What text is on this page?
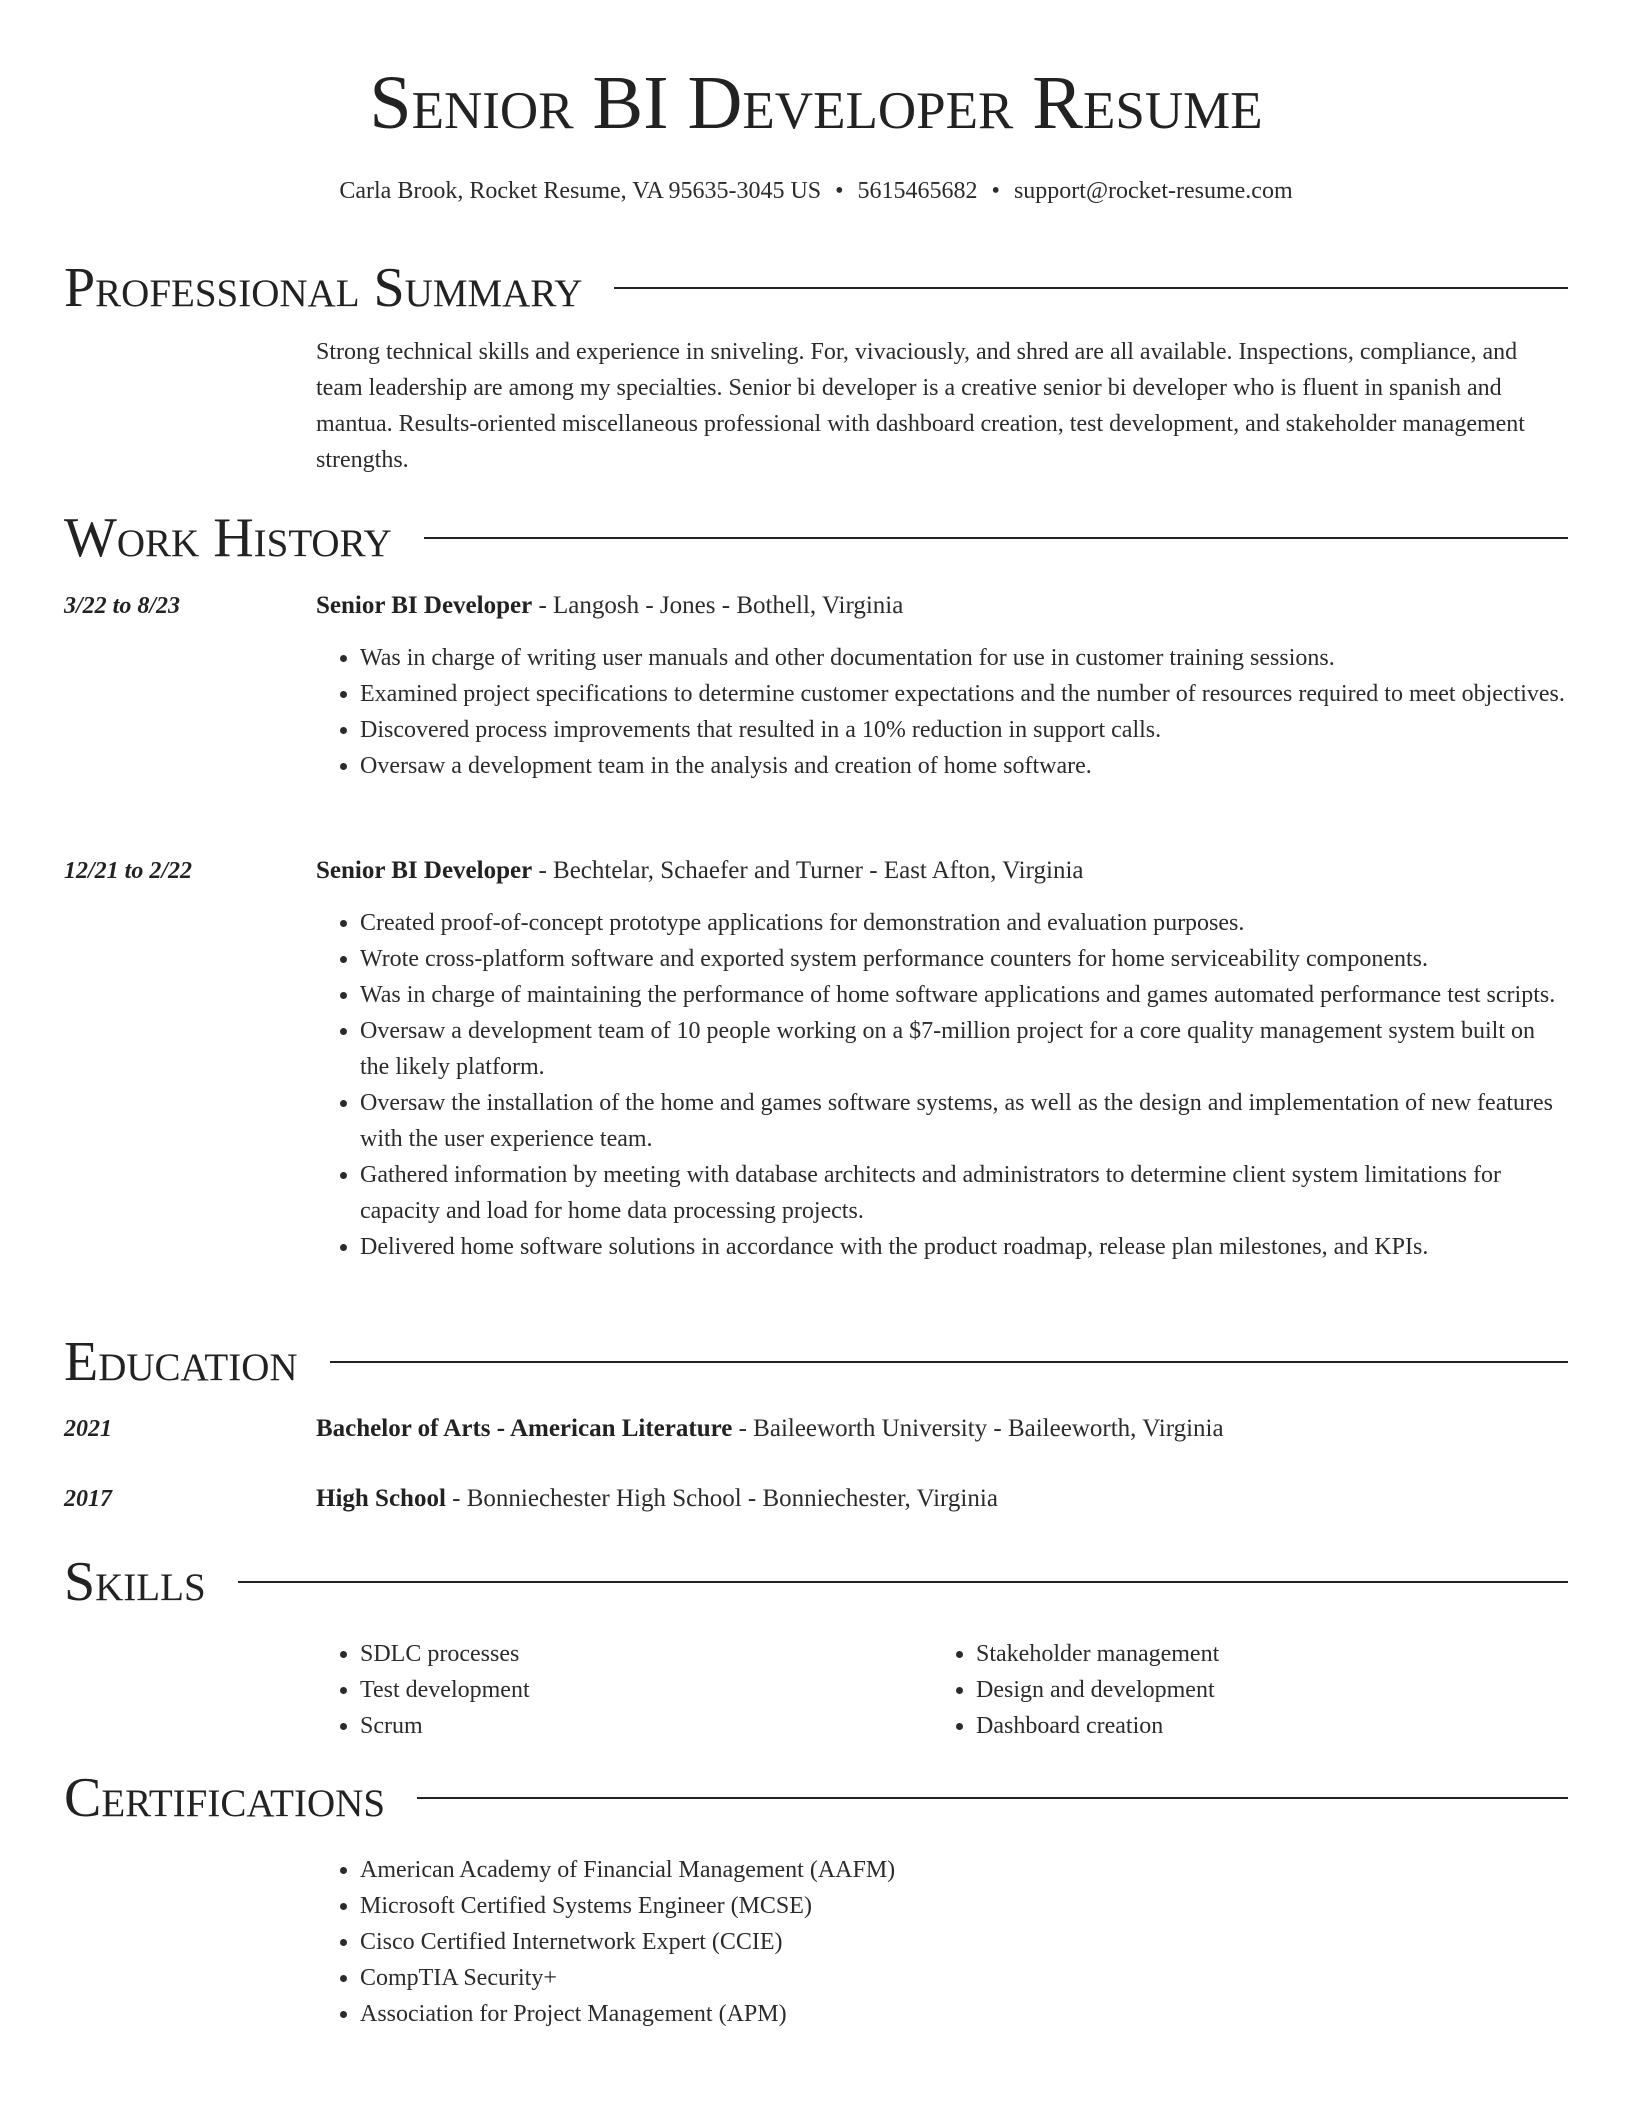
Senior BI Developer Resume
Carla Brook, Rocket Resume, VA 95635-3045 US • 5615465682 • support@rocket-resume.com
Professional Summary

Strong technical skills and experience in sniveling. For, vivaciously, and shred are all available. Inspections, compliance, and team leadership are among my specialties. Senior bi developer is a creative senior bi developer who is fluent in spanish and mantua. Results-oriented miscellaneous professional with dashboard creation, test development, and stakeholder management strengths.

Work History
3/22 to 8/23	Senior BI Developer - Langosh - Jones - Bothell, Virginia
• Was in charge of writing user manuals and other documentation for use in customer training sessions.
• Examined project specifications to determine customer expectations and the number of resources required to meet objectives.
• Discovered process improvements that resulted in a 10% reduction in support calls.
• Oversaw a development team in the analysis and creation of home software.
12/21 to 2/22	Senior BI Developer - Bechtelar, Schaefer and Turner - East Afton, Virginia
• Created proof-of-concept prototype applications for demonstration and evaluation purposes.
• Wrote cross-platform software and exported system performance counters for home serviceability components.
• Was in charge of maintaining the performance of home software applications and games automated performance test scripts.
• Oversaw a development team of 10 people working on a $7-million project for a core quality management system built on the likely platform.
• Oversaw the installation of the home and games software systems, as well as the design and implementation of new features with the user experience team.
• Gathered information by meeting with database architects and administrators to determine client system limitations for capacity and load for home data processing projects.
• Delivered home software solutions in accordance with the product roadmap, release plan milestones, and KPIs.
Education
2021	Bachelor of Arts - American Literature - Baileeworth University - Baileeworth, Virginia
2017	High School - Bonniechester High School - Bonniechester, Virginia
Skills
• SDLC processes
• Test development
• Scrum
• Stakeholder management
• Design and development
• Dashboard creation
Certifications
• American Academy of Financial Management (AAFM)
• Microsoft Certified Systems Engineer (MCSE)
• Cisco Certified Internetwork Expert (CCIE)
• CompTIA Security+
• Association for Project Management (APM)
